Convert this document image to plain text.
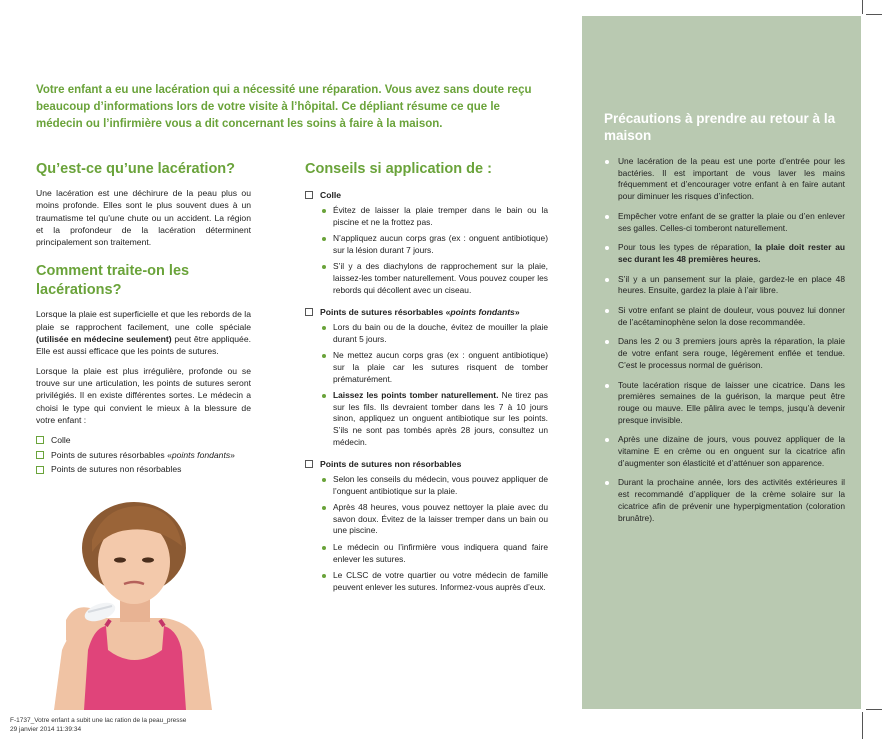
Votre enfant a eu une lacération qui a nécessité une réparation. Vous avez sans doute reçu beaucoup d’informations lors de votre visite à l’hôpital. Ce dépliant résume ce que le médecin ou l’infirmière vous a dit concernant les soins à faire à la maison.
Qu’est-ce qu’une lacération?

Une lacération est une déchirure de la peau plus ou moins profonde. Elles sont le plus souvent dues à un traumatisme tel qu’une chute ou un accident. La région et la profondeur de la lacération déterminent principalement son traitement.

Comment traite-on les lacérations?

Lorsque la plaie est superficielle et que les rebords de la plaie se rapprochent facilement, une colle spéciale (utilisée en médecine seulement) peut être appliquée. Elle est aussi efficace que les points de sutures.

Lorsque la plaie est plus irrégulière, profonde ou se trouve sur une articulation, les points de sutures seront privilégiés. Il en existe différentes sortes. Le médecin a choisi le type qui convient le mieux à la blessure de votre enfant :

Colle
Points de sutures résorbables « points fondants »
Points de sutures non résorbables
Conseils si application de :
Colle
Évitez de laisser la plaie tremper dans le bain ou la piscine et ne la frottez pas.
N’appliquez aucun corps gras (ex : onguent antibiotique) sur la lésion durant 7 jours.
S’il y a des diachylons de rapprochement sur la plaie, laissez-les tomber naturellement. Vous pouvez couper les rebords qui décollent avec un ciseau.
Points de sutures résorbables « points fondants »
Lors du bain ou de la douche, évitez de mouiller la plaie durant 5 jours.
Ne mettez aucun corps gras (ex : onguent antibiotique) sur la plaie car les sutures risquent de tomber prématurément.
Laissez les points tomber naturellement. Ne tirez pas sur les fils. Ils devraient tomber dans les 7 à 10 jours sinon, appliquez un onguent antibiotique sur les points. S’ils ne sont pas tombés après 28 jours, consultez un médecin.
Points de sutures non résorbables
Selon les conseils du médecin, vous pouvez appliquer de l’onguent antibiotique sur la plaie.
Après 48 heures, vous pouvez nettoyer la plaie avec du savon doux. Évitez de la laisser tremper dans un bain ou une piscine.
Le médecin ou l’infirmière vous indiquera quand faire enlever les sutures.
Le CLSC de votre quartier ou votre médecin de famille peuvent enlever les sutures. Informez-vous auprès d’eux.
Précautions à prendre au retour à la maison
Une lacération de la peau est une porte d’entrée pour les bactéries. Il est important de vous laver les mains fréquemment et d’encourager votre enfant à en faire autant pour diminuer les risques d’infection.
Empêcher votre enfant de se gratter la plaie ou d’en enlever ses galles. Celles-ci tomberont naturellement.
Pour tous les types de réparation, la plaie doit rester au sec durant les 48 premières heures.
S’il y a un pansement sur la plaie, gardez-le en place 48 heures. Ensuite, gardez la plaie à l’air libre.
Si votre enfant se plaint de douleur, vous pouvez lui donner de l’acétaminophène selon la dose recommandée.
Dans les 2 ou 3 premiers jours après la réparation, la plaie de votre enfant sera rouge, légèrement enflée et tendue. C’est le processus normal de guérison.
Toute lacération risque de laisser une cicatrice. Dans les premières semaines de la guérison, la marque peut être rouge ou mauve. Elle pâlira avec le temps, jusqu’à devenir presque invisible.
Après une dizaine de jours, vous pouvez appliquer de la vitamine E en crème ou en onguent sur la cicatrice afin d’augmenter son élasticité et d’atténuer son apparence.
Durant la prochaine année, lors des activités extérieures il est recommandé d’appliquer de la crème solaire sur la cicatrice afin de prévenir une hyperpigmentation (coloration brunâtre).
F-1737_Votre enfant a subit une lac ration de la peau_presse
29 janvier 2014 11:39:34
